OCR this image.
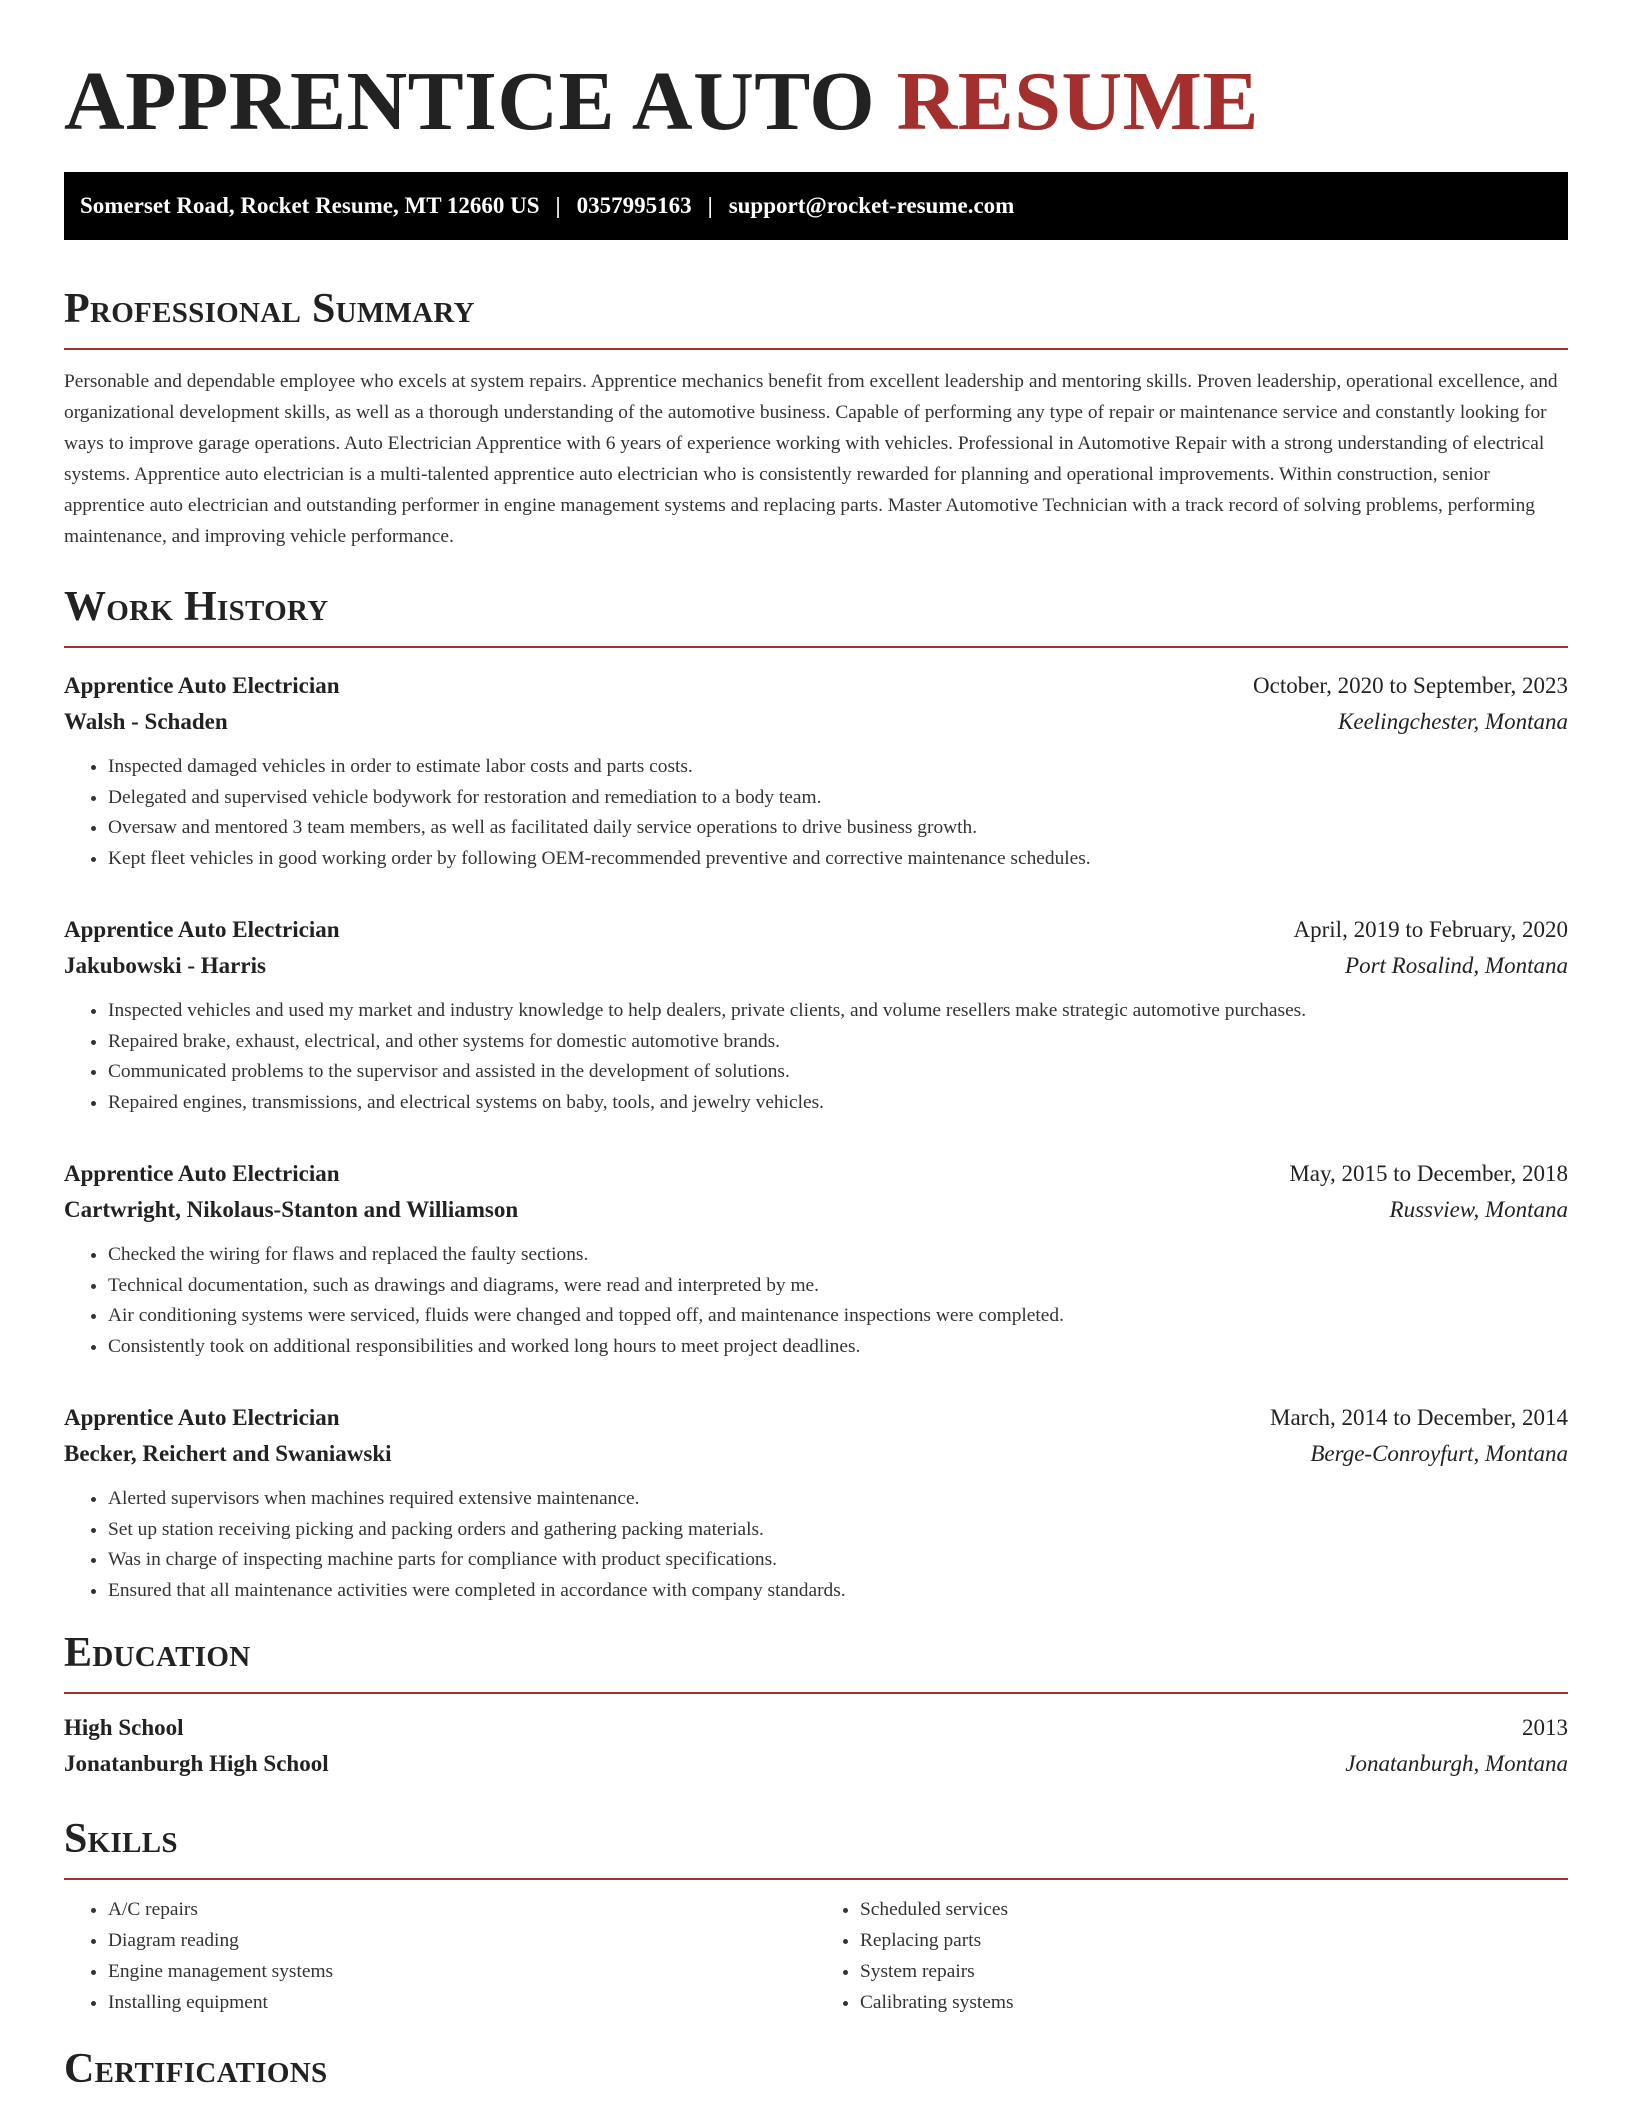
APPRENTICE AUTO RESUME
Somerset Road, Rocket Resume, MT 12660 US | 0357995163 | support@rocket-resume.com
Professional Summary

Personable and dependable employee who excels at system repairs. Apprentice mechanics benefit from excellent leadership and mentoring skills. Proven leadership, operational excellence, and organizational development skills, as well as a thorough understanding of the automotive business. Capable of performing any type of repair or maintenance service and constantly looking for ways to improve garage operations. Auto Electrician Apprentice with 6 years of experience working with vehicles. Professional in Automotive Repair with a strong understanding of electrical systems. Apprentice auto electrician is a multi-talented apprentice auto electrician who is consistently rewarded for planning and operational improvements. Within construction, senior apprentice auto electrician and outstanding performer in engine management systems and replacing parts. Master Automotive Technician with a track record of solving problems, performing maintenance, and improving vehicle performance.

Work History
Apprentice Auto Electrician	October, 2020 to September, 2023
Walsh - Schaden	Keelingchester, Montana
• Inspected damaged vehicles in order to estimate labor costs and parts costs.
• Delegated and supervised vehicle bodywork for restoration and remediation to a body team.
• Oversaw and mentored 3 team members, as well as facilitated daily service operations to drive business growth.
• Kept fleet vehicles in good working order by following OEM-recommended preventive and corrective maintenance schedules.
Apprentice Auto Electrician	April, 2019 to February, 2020
Jakubowski - Harris	Port Rosalind, Montana
• Inspected vehicles and used my market and industry knowledge to help dealers, private clients, and volume resellers make strategic automotive purchases.
• Repaired brake, exhaust, electrical, and other systems for domestic automotive brands.
• Communicated problems to the supervisor and assisted in the development of solutions.
• Repaired engines, transmissions, and electrical systems on baby, tools, and jewelry vehicles.
Apprentice Auto Electrician	May, 2015 to December, 2018
Cartwright, Nikolaus-Stanton and Williamson	Russview, Montana
• Checked the wiring for flaws and replaced the faulty sections.
• Technical documentation, such as drawings and diagrams, were read and interpreted by me.
• Air conditioning systems were serviced, fluids were changed and topped off, and maintenance inspections were completed.
• Consistently took on additional responsibilities and worked long hours to meet project deadlines.
Apprentice Auto Electrician	March, 2014 to December, 2014
Becker, Reichert and Swaniawski	Berge-Conroyfurt, Montana
• Alerted supervisors when machines required extensive maintenance.
• Set up station receiving picking and packing orders and gathering packing materials.
• Was in charge of inspecting machine parts for compliance with product specifications.
• Ensured that all maintenance activities were completed in accordance with company standards.
Education
High School	2013
Jonatanburgh High School	Jonatanburgh, Montana
Skills
• A/C repairs
• Diagram reading
• Engine management systems
• Installing equipment
• Scheduled services
• Replacing parts
• System repairs
• Calibrating systems
Certifications
